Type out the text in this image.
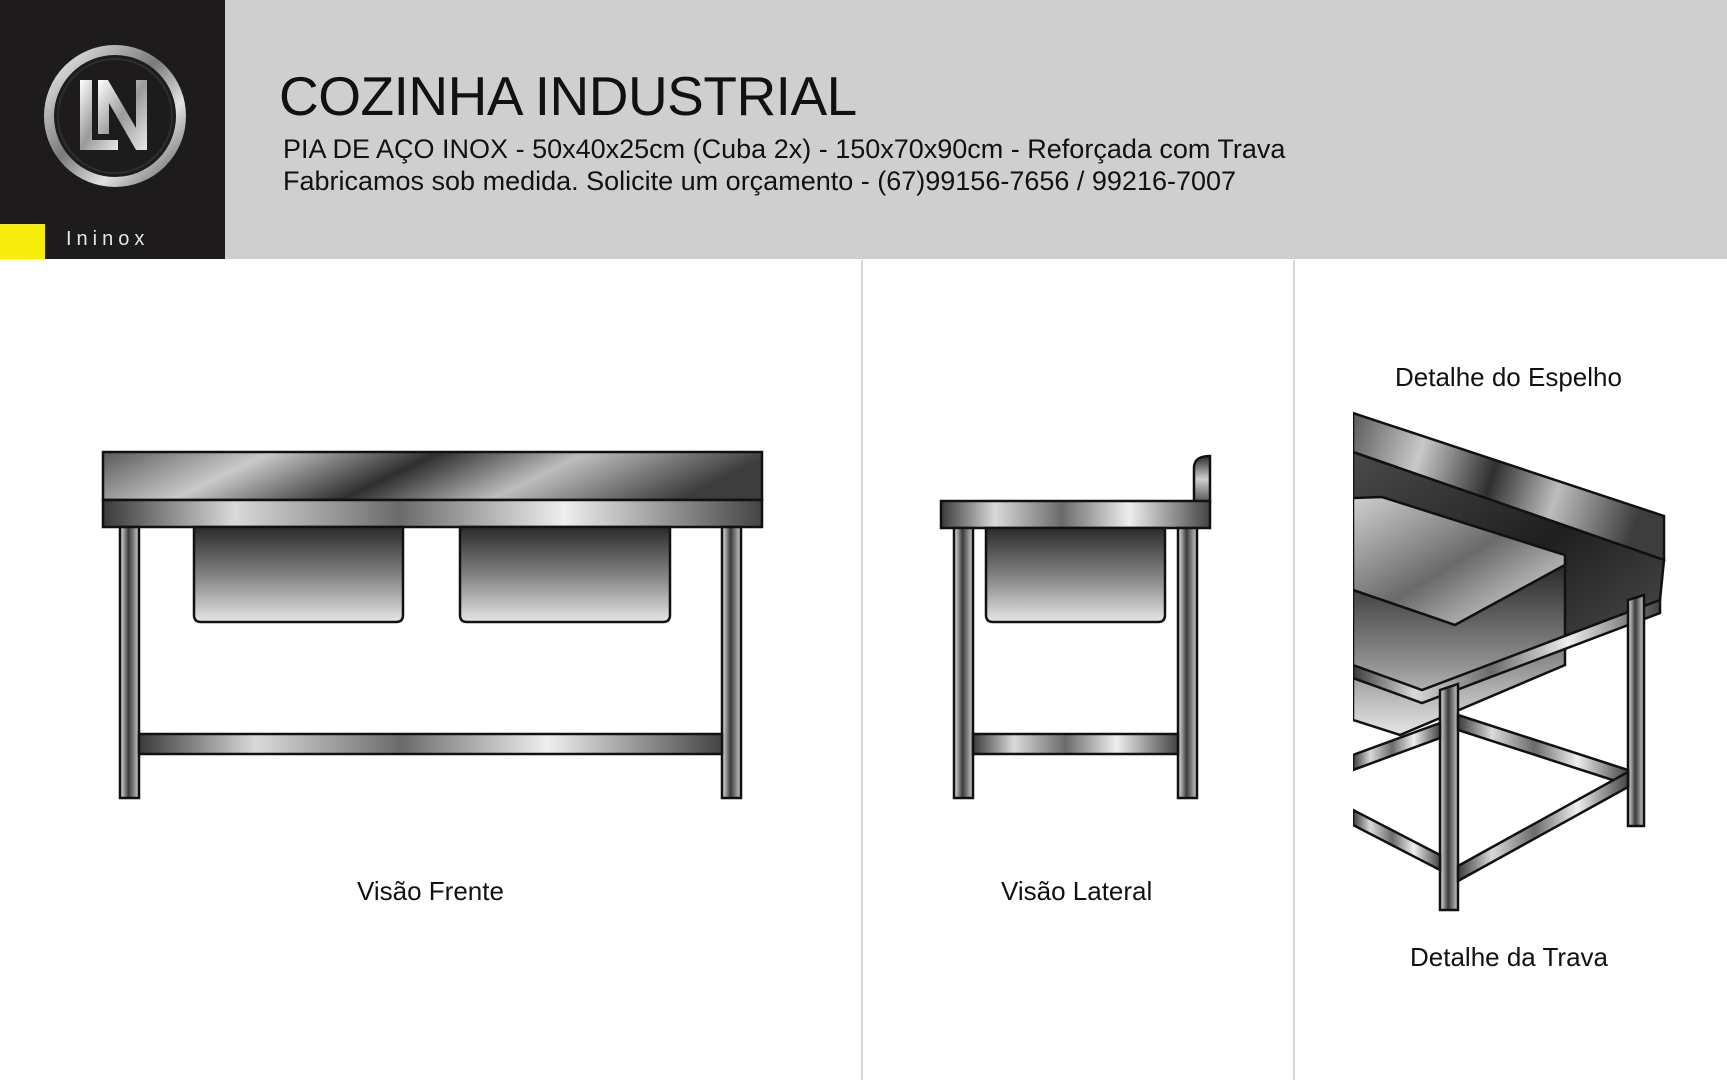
Ininox
COZINHA INDUSTRIAL
PIA DE AÇO INOX - 50x40x25cm (Cuba 2x) - 150x70x90cm - Reforçada com Trava
Fabricamos sob medida. Solicite um orçamento - (67)99156-7656 / 99216-7007
Visão Frente	Visão Lateral
Detalhe do Espelho
Detalhe da Trava
